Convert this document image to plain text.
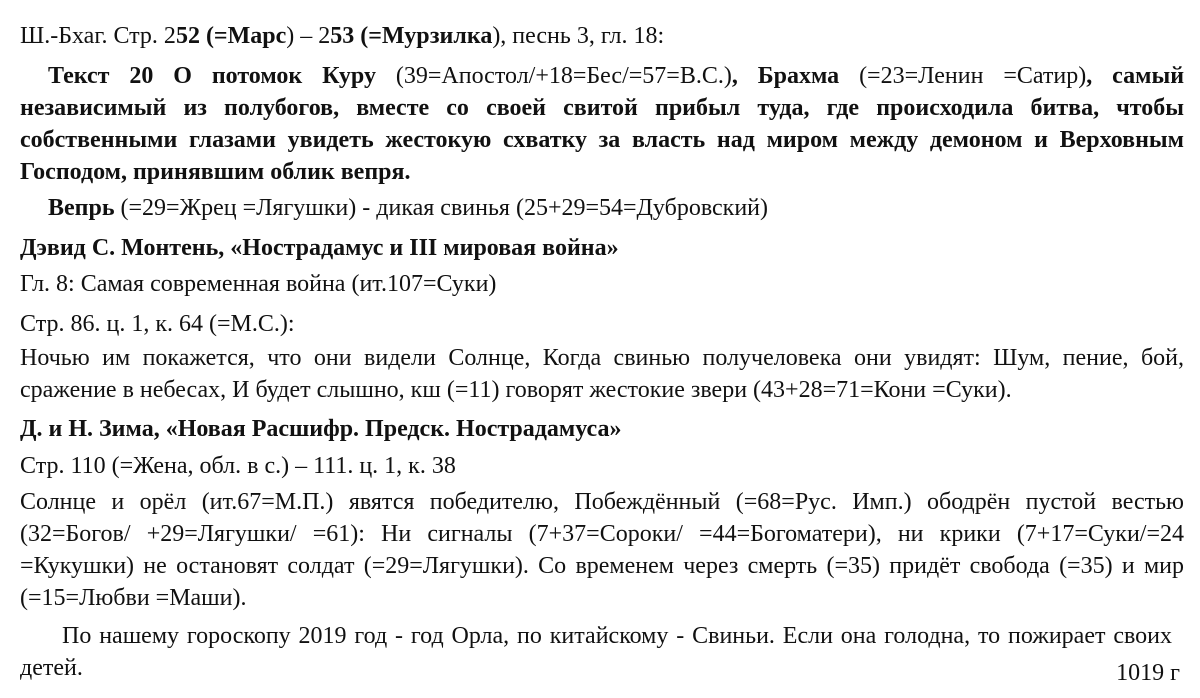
Ш.-Бхаг. Стр. 252 (=Марс) – 253 (=Мурзилка), песнь 3, гл. 18:

Текст 20 О потомок Куру (39=Апостол/+18=Бес/=57=В.С.), Брахма (=23=Ленин =Сатир), самый независимый из полубогов, вместе со своей свитой прибыл туда, где происходила битва, чтобы собственными глазами увидеть жестокую схватку за власть над миром между демоном и Верховным Господом, принявшим облик вепря.

Вепрь (=29=Жрец =Лягушки) - дикая свинья (25+29=54=Дубровский)

Дэвид С. Монтень, «Нострадамус и III мировая война»

Гл. 8: Самая современная война (ит.107=Суки)

Стр. 86. ц. 1, к. 64 (=М.С.):

Ночью им покажется, что они видели Солнце, Когда свинью получеловека они увидят: Шум, пение, бой, сражение в небесах, И будет слышно, кш (=11) говорят жестокие звери (43+28=71=Кони =Суки).

Д. и Н. Зима, «Новая Расшифр. Предск. Нострадамуса»

Стр. 110 (=Жена, обл. в с.) – 111. ц. 1, к. 38

Солнце и орёл (ит.67=М.П.) явятся победителю, Побеждённый (=68=Рус. Имп.) ободрён пустой вестью (32=Богов/ +29=Лягушки/ =61): Ни сигналы (7+37=Сороки/ =44=Богоматери), ни крики (7+17=Суки/=24 =Кукушки) не остановят солдат (=29=Лягушки). Со временем через смерть (=35) придёт свобода (=35) и мир (=15=Любви =Маши).

По нашему гороскопу 2019 год - год Орла, по китайскому - Свиньи. Если она голодна, то пожирает своих детей.	1019 г
